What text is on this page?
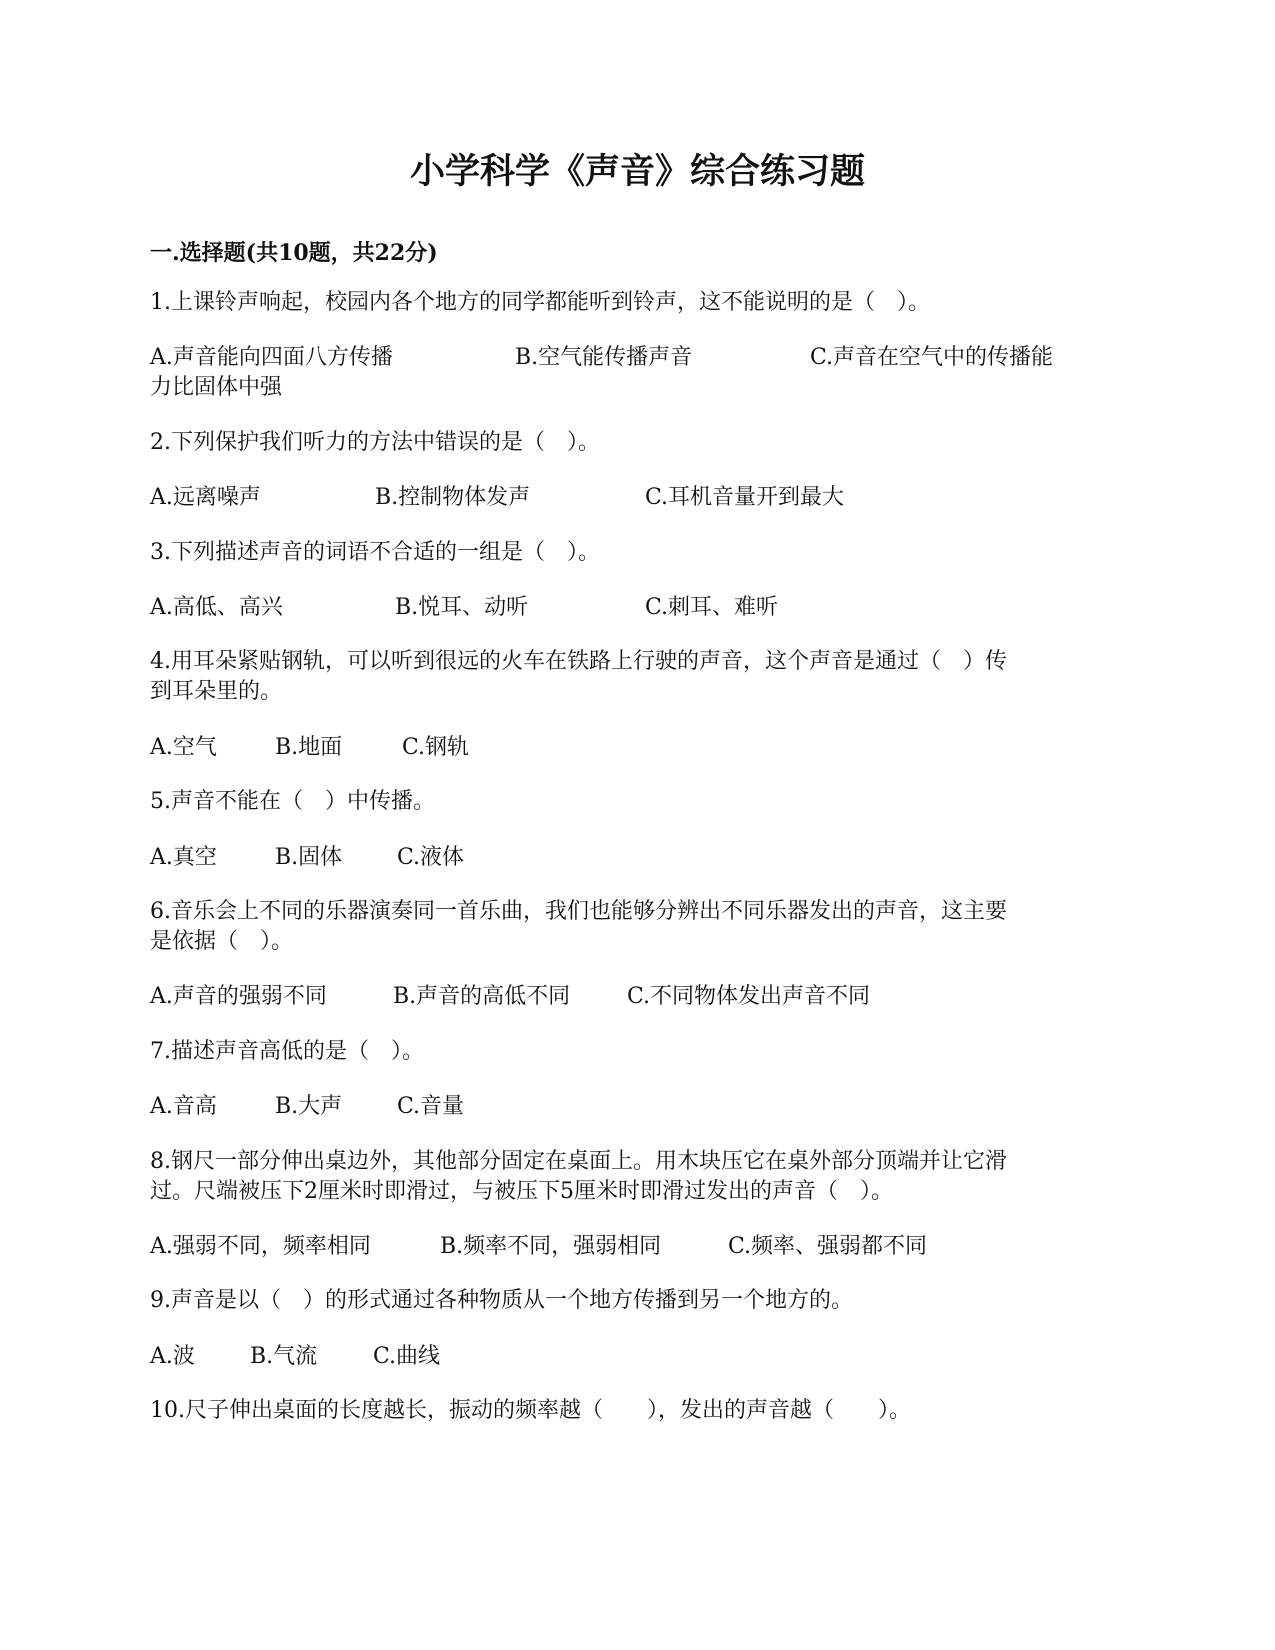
小学科学《声音》综合练习题
一.选择题(共10题，共22分)

1.上课铃声响起，校园内各个地方的同学都能听到铃声，这不能说明的是（　）。

A.声音能向四面八方传播	B.空气能传播声音	C.声音在空气中的传播能

力比固体中强

2.下列保护我们听力的方法中错误的是（　）。

A.远离噪声	B.控制物体发声	C.耳机音量开到最大

3.下列描述声音的词语不合适的一组是（　）。

A.高低、高兴	B.悦耳、动听	C.刺耳、难听

4.用耳朵紧贴钢轨，可以听到很远的火车在铁路上行驶的声音，这个声音是通过（　）传

到耳朵里的。

A.空气	B.地面	C.钢轨

5.声音不能在（　）中传播。

A.真空	B.固体 C.液体

6.音乐会上不同的乐器演奏同一首乐曲，我们也能够分辨出不同乐器发出的声音，这主要

是依据（　）。

A.声音的强弱不同	B.声音的高低不同	C.不同物体发出声音不同

7.描述声音高低的是（　）。

A.音高	B.大声 C.音量

8.钢尺一部分伸出桌边外，其他部分固定在桌面上。用木块压它在桌外部分顶端并让它滑

过。尺端被压下2厘米时即滑过，与被压下5厘米时即滑过发出的声音（　）。

A.强弱不同，频率相同	B.频率不同，强弱相同	C.频率、强弱都不同

9.声音是以（　）的形式通过各种物质从一个地方传播到另一个地方的。

A.波	B.气流	C.曲线

10.尺子伸出桌面的长度越长，振动的频率越（　　），发出的声音越（　　）。
